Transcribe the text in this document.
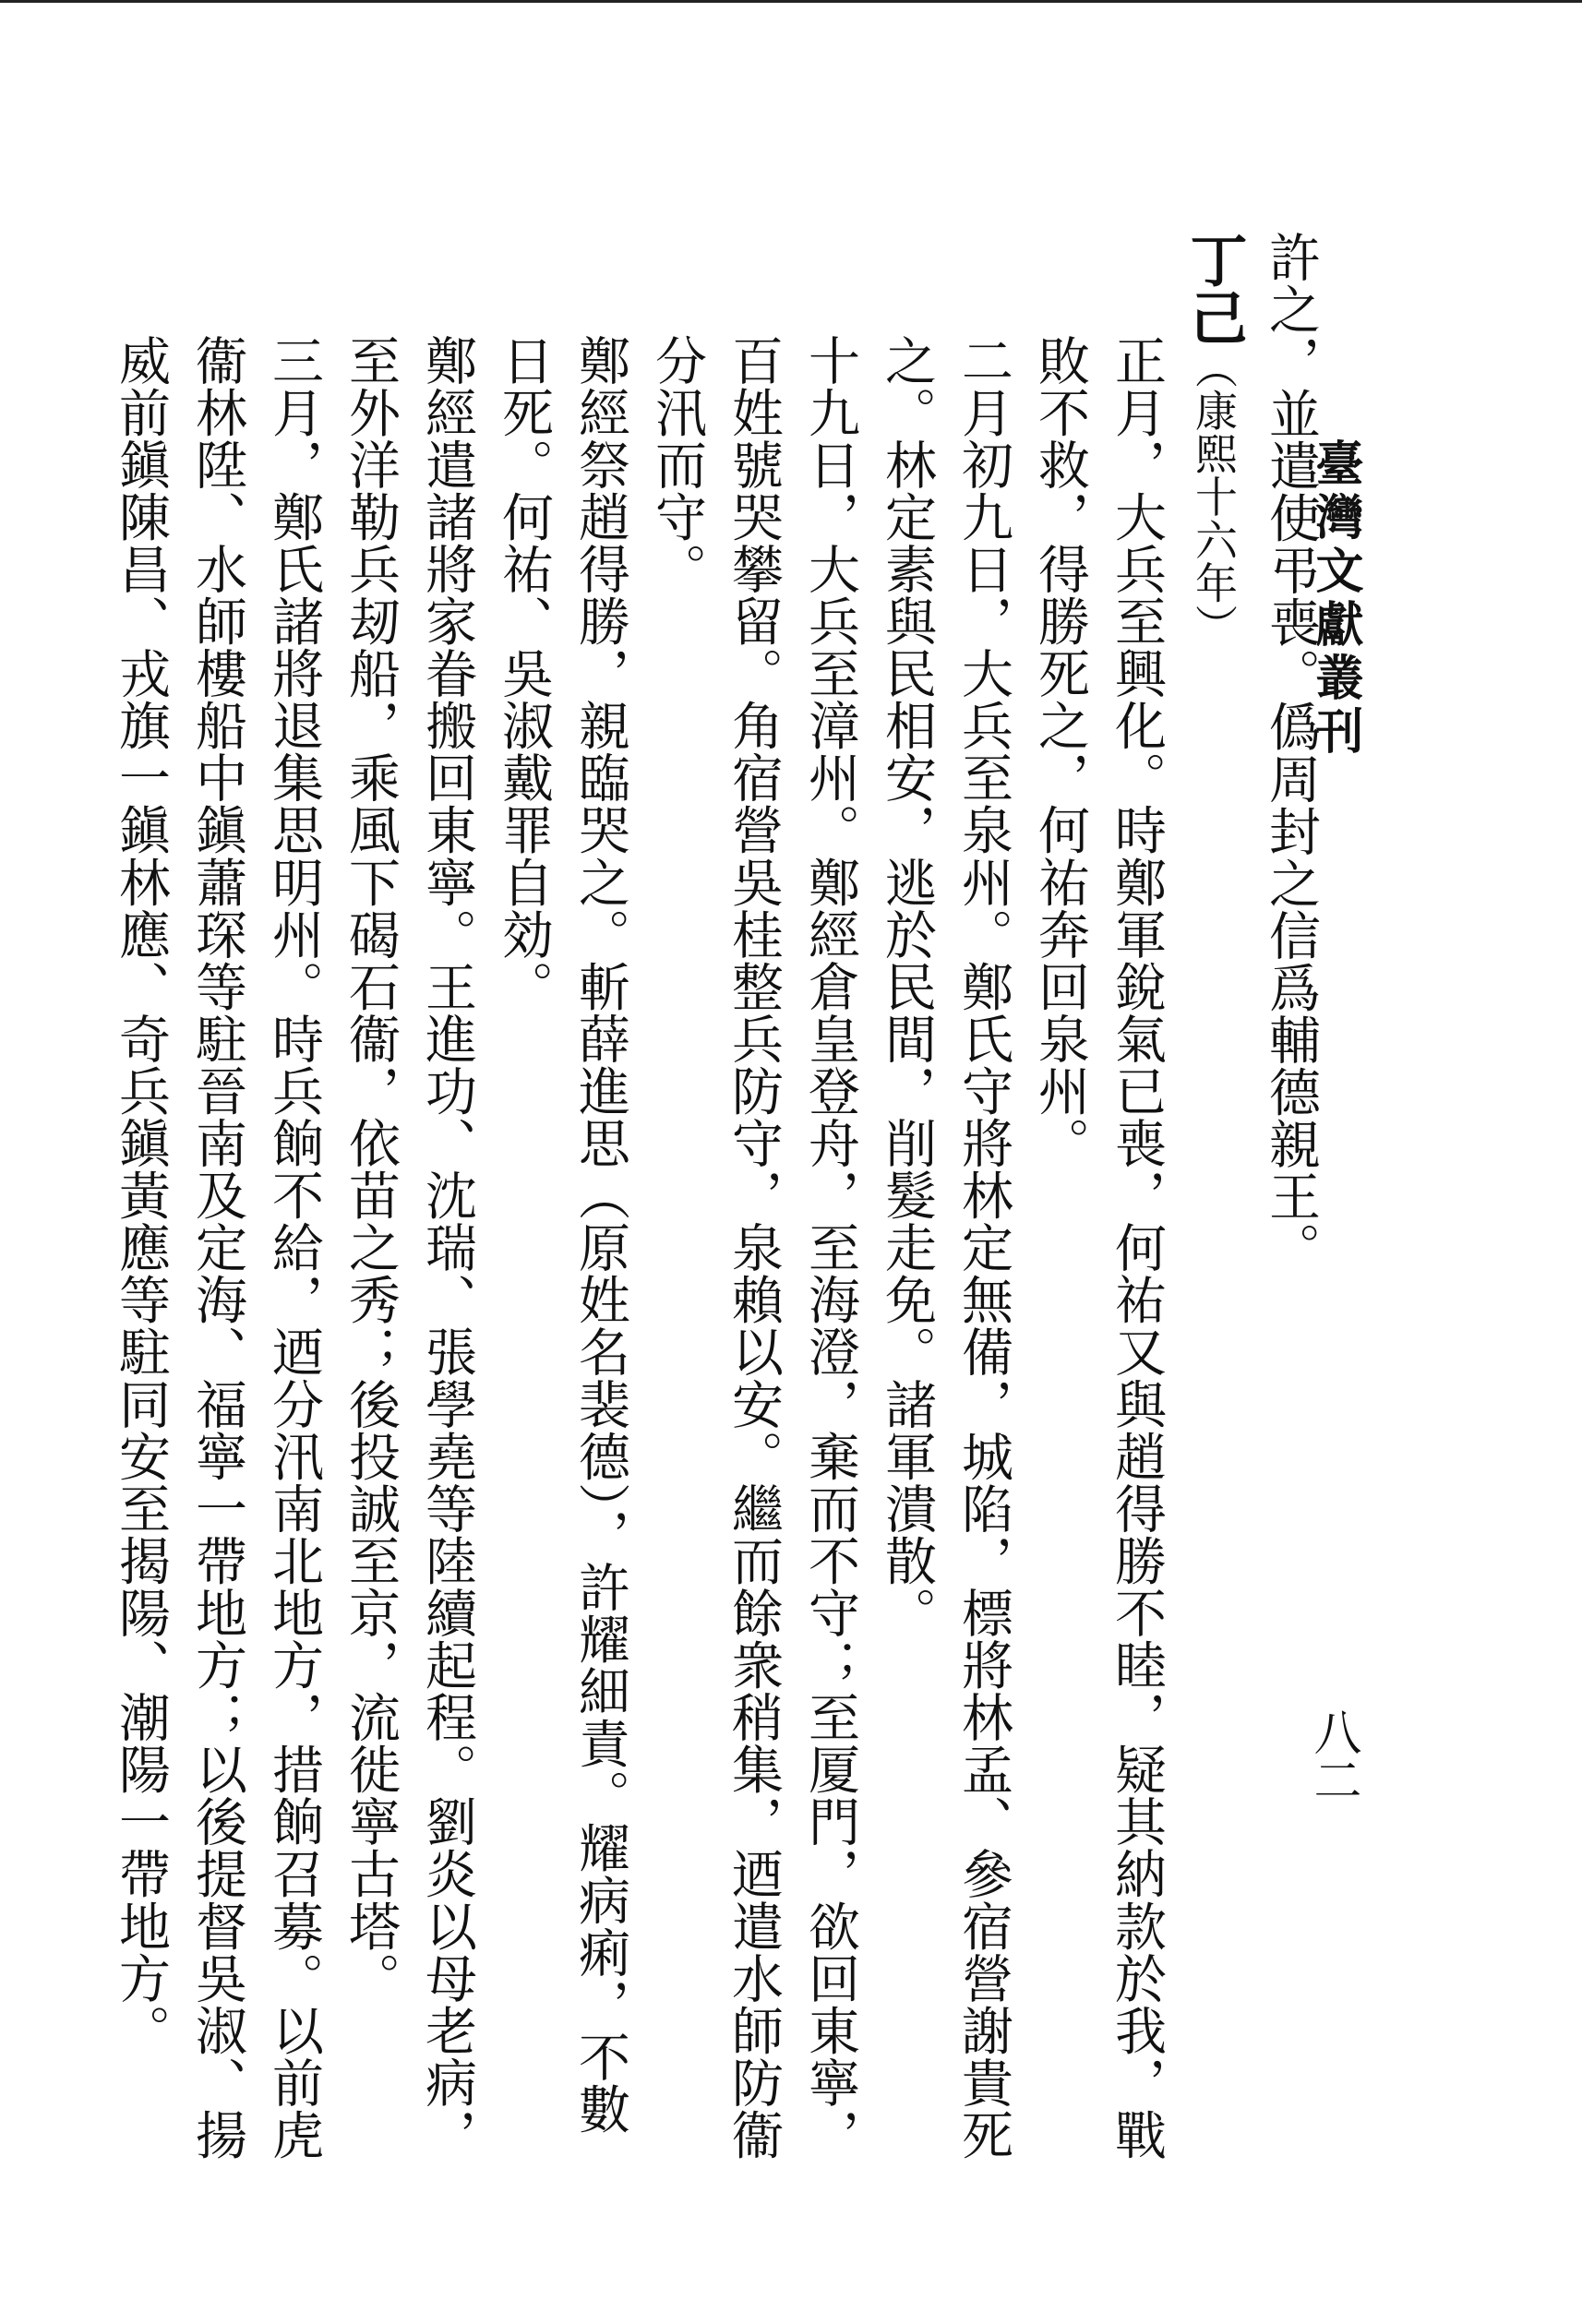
臺灣文獻叢刊
八二

許之，並遣使弔喪。僞周封之信爲輔德親王。

丁己（康熙十六年）

正月，大兵至興化。時鄭軍銳氣已喪，何祐又與趙得勝不睦，疑其納款於我，戰敗不救，得勝死之，何祐奔回泉州。

二月初九日，大兵至泉州。鄭氏守將林定無備，城陷，標將林孟、參宿營謝貴死之。林定素與民相安，逃於民間，削髮走免。諸軍潰散。

十九日，大兵至漳州。鄭經倉皇登舟，至海澄，棄而不守；至厦門，欲回東寧，百姓號哭攀留。角宿營吳桂整兵防守，泉賴以安。繼而餘衆稍集，迺遣水師防衞分汛而守。

鄭經祭趙得勝，親臨哭之。斬薛進思（原姓名裴德），許耀細責。耀病痢，不數日死。何祐、吳淑戴罪自効。

鄭經遣諸將家眷搬回東寧。王進功、沈瑞、張學堯等陸續起程。劉炎以母老病，至外洋勒兵刼船，乘風下碣石衞，依苗之秀；後投誠至京，流徙寧古塔。

三月，鄭氏諸將退集思明州。時兵餉不給，迺分汛南北地方，措餉召募。以前虎衞林陞、水師樓船中鎭蕭琛等駐晉南及定海、福寧一帶地方；以後提督吳淑、揚威前鎭陳昌、戎旗一鎭林應、奇兵鎭黃應等駐同安至揭陽、潮陽一帶地方。
